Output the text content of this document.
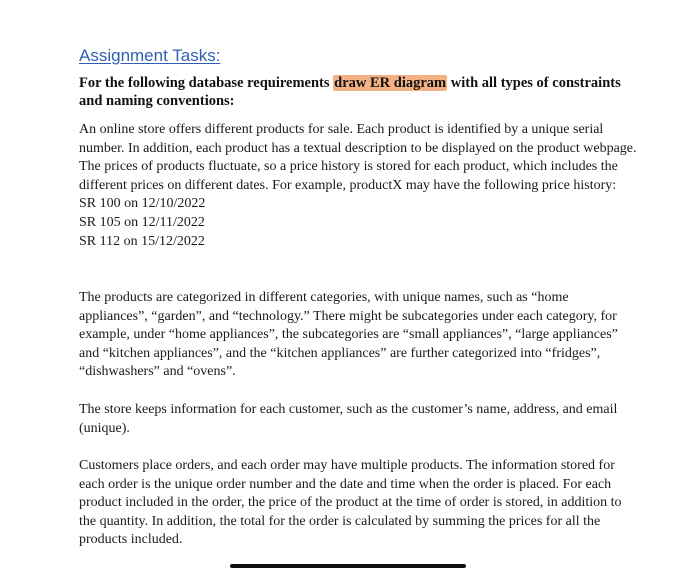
Assignment Tasks:

For the following database requirements draw ER diagram with all types of constraints and naming conventions:

An online store offers different products for sale. Each product is identified by a unique serial number. In addition, each product has a textual description to be displayed on the product webpage. The prices of products fluctuate, so a price history is stored for each product, which includes the different prices on different dates. For example, productX may have the following price history:
SR 100 on 12/10/2022
SR 105 on 12/11/2022
SR 112 on 15/12/2022

The products are categorized in different categories, with unique names, such as “home appliances”, “garden”, and “technology.” There might be subcategories under each category, for example, under “home appliances”, the subcategories are “small appliances”, “large appliances” and “kitchen appliances”, and the “kitchen appliances” are further categorized into “fridges”, “dishwashers” and “ovens”.

The store keeps information for each customer, such as the customer’s name, address, and email (unique).

Customers place orders, and each order may have multiple products. The information stored for each order is the unique order number and the date and time when the order is placed. For each product included in the order, the price of the product at the time of order is stored, in addition to the quantity. In addition, the total for the order is calculated by summing the prices for all the products included.
